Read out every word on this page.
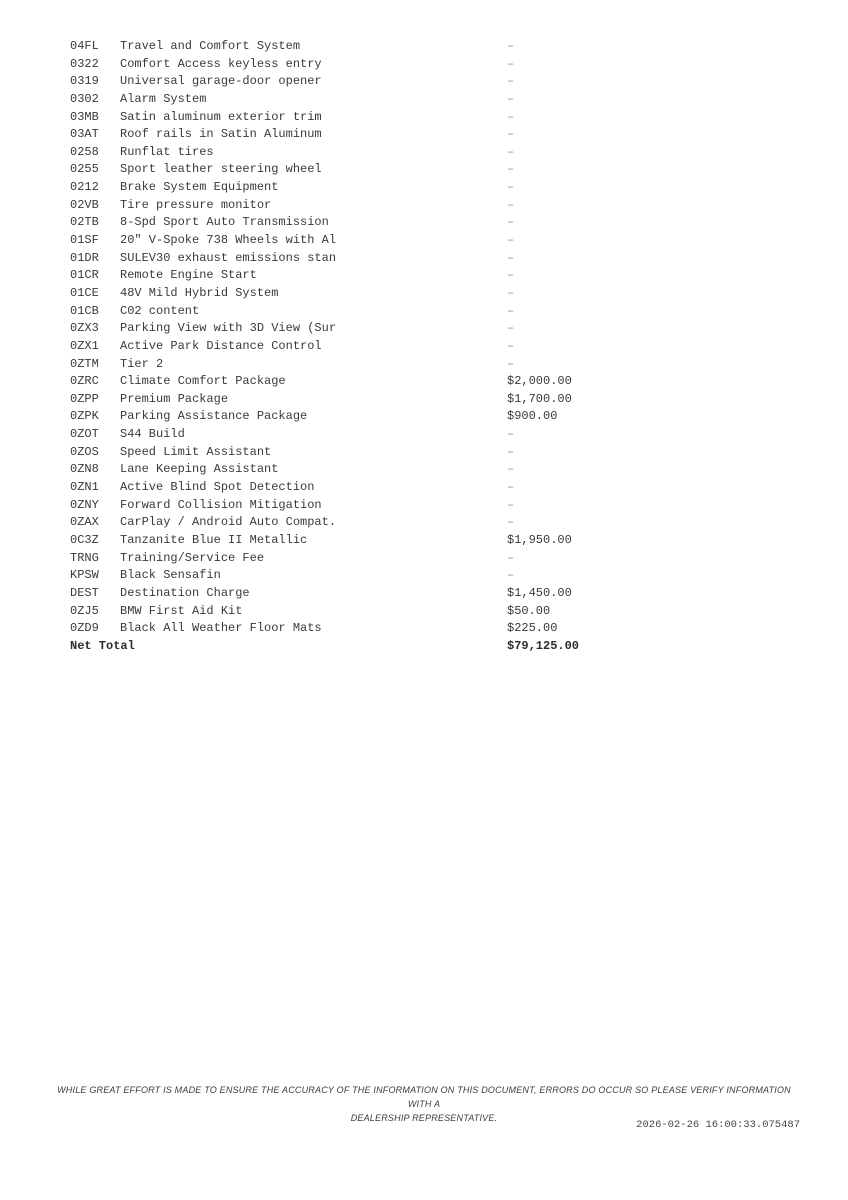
04FL Travel and Comfort System	–
0322 Comfort Access keyless entry	–
0319 Universal garage-door opener	–
0302 Alarm System	–
03MB Satin aluminum exterior trim	–
03AT Roof rails in Satin Aluminum	–
0258 Runflat tires	–
0255 Sport leather steering wheel	–
0212 Brake System Equipment	–
02VB Tire pressure monitor	–
02TB 8-Spd Sport Auto Transmission	–
01SF 20" V-Spoke 738 Wheels with Al	–
01DR SULEV30 exhaust emissions stan	–
01CR Remote Engine Start	–
01CE 48V Mild Hybrid System	–
01CB C02 content	–
0ZX3 Parking View with 3D View (Sur	–
0ZX1 Active Park Distance Control	–
0ZTM Tier 2	–
0ZRC Climate Comfort Package	$2,000.00
0ZPP Premium Package	$1,700.00
0ZPK Parking Assistance Package	$900.00
0ZOT S44 Build	–
0ZOS Speed Limit Assistant	–
0ZN8 Lane Keeping Assistant	–
0ZN1 Active Blind Spot Detection	–
0ZNY Forward Collision Mitigation	–
0ZAX CarPlay / Android Auto Compat.	–
0C3Z Tanzanite Blue II Metallic	$1,950.00
TRNG Training/Service Fee	–
KPSW Black Sensafin	–
DEST Destination Charge	$1,450.00
0ZJ5 BMW First Aid Kit	$50.00
0ZD9 Black All Weather Floor Mats	$225.00
Net Total	$79,125.00
WHILE GREAT EFFORT IS MADE TO ENSURE THE ACCURACY OF THE INFORMATION ON THIS DOCUMENT, ERRORS DO OCCUR SO PLEASE VERIFY INFORMATION WITH A
DEALERSHIP REPRESENTATIVE.
2026-02-26 16:00:33.075487
